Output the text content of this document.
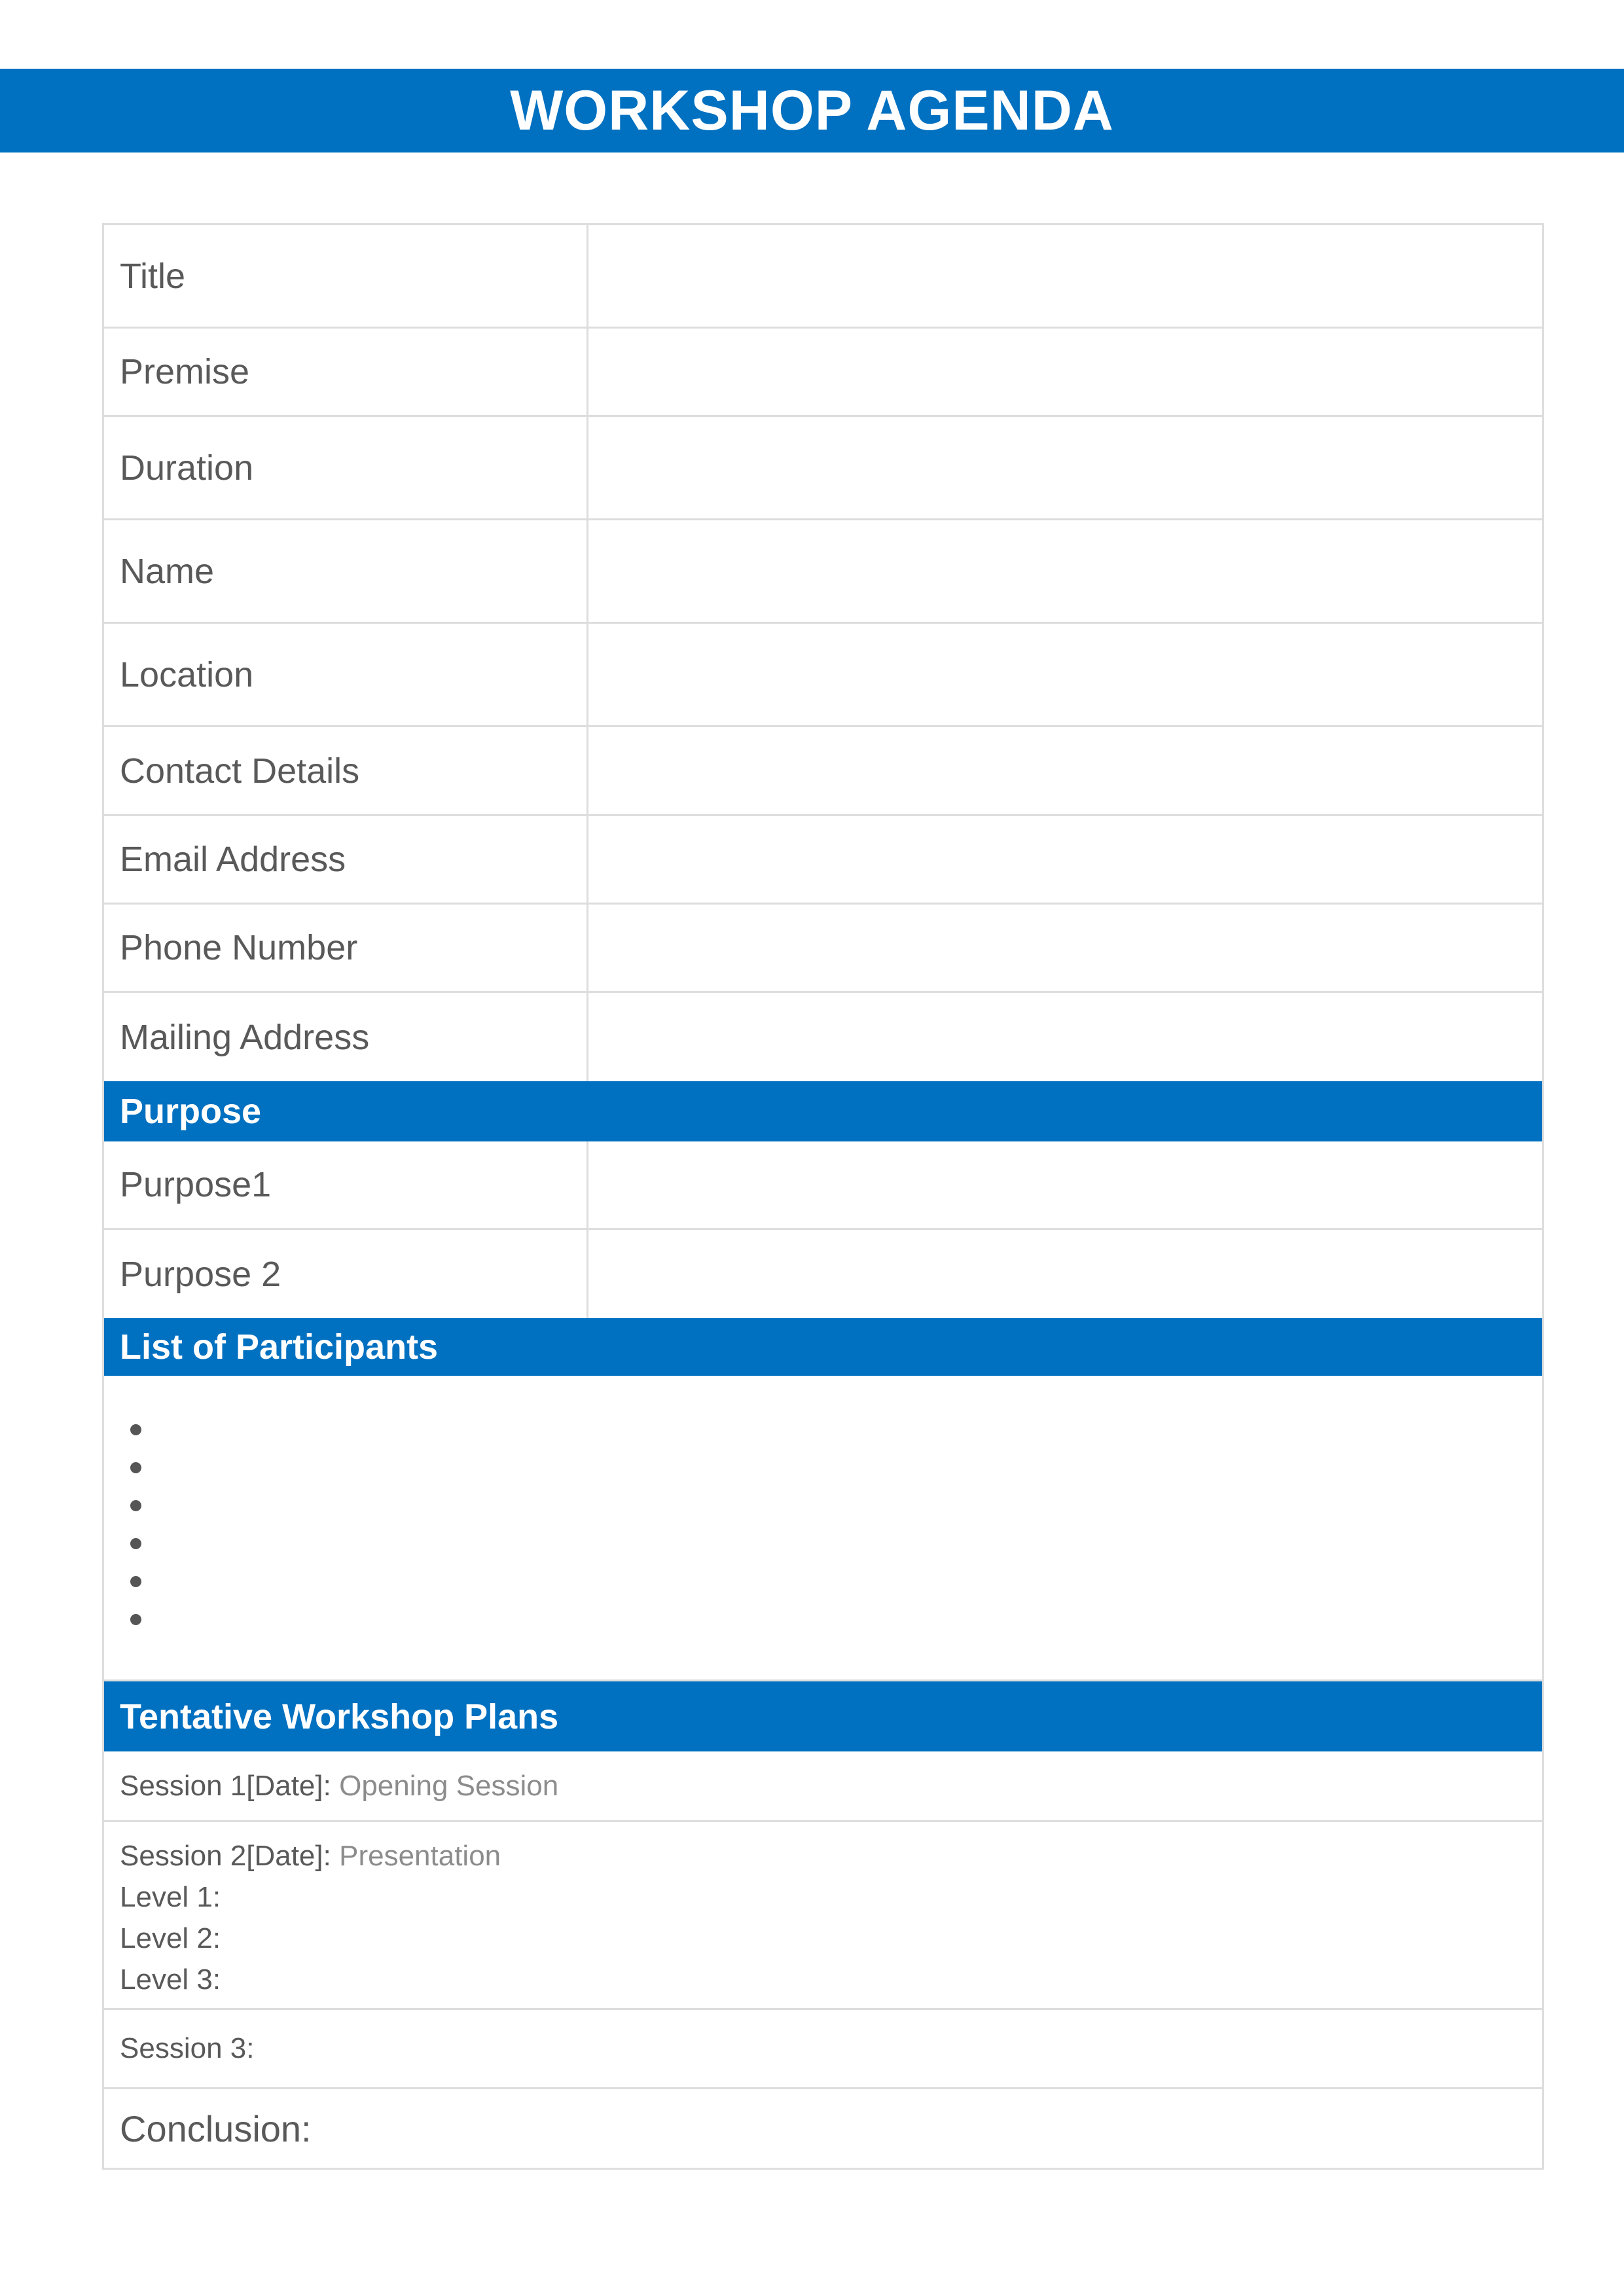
WORKSHOP AGENDA
Title
Premise
Duration
Name
Location
Contact Details
Email Address
Phone Number
Mailing Address
Purpose
Purpose1
Purpose 2
List of Participants
Tentative Workshop Plans
Session 1[Date]:
Opening Session
Session 2[Date]: Presentation
Level 1:
Level 2:
Level 3:
Session 3:
Conclusion:
